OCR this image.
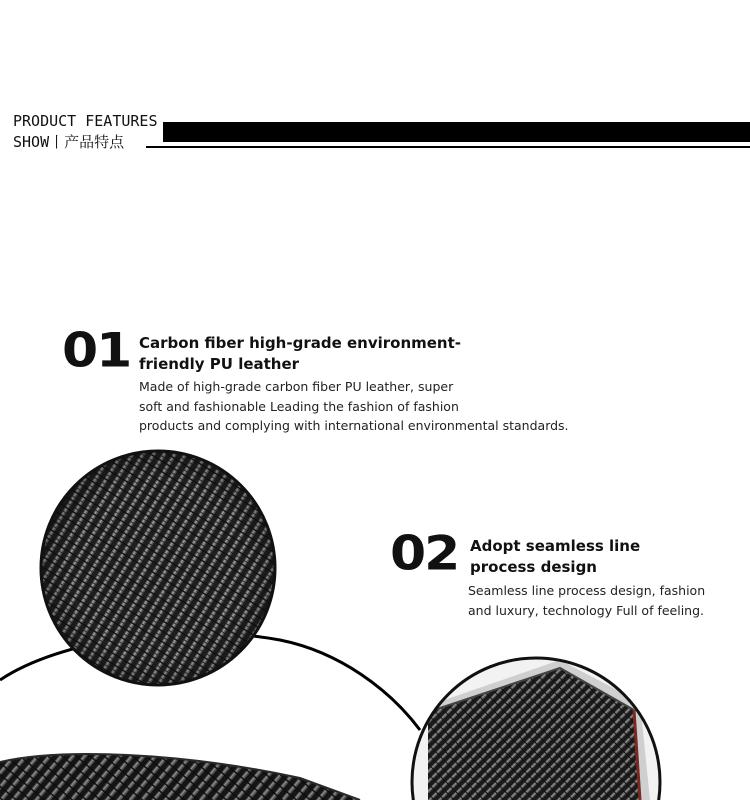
PRODUCT FEATURES
SHOW丨产品特点
01 Carbon fiber high-grade environment-
friendly PU leather
Made of high-grade carbon fiber PU leather, super
soft and fashionable Leading the fashion of fashion
products and complying with international environmental standards.
02 Adopt seamless line
process design
Seamless line process design, fashion
and luxury, technology Full of feeling.
